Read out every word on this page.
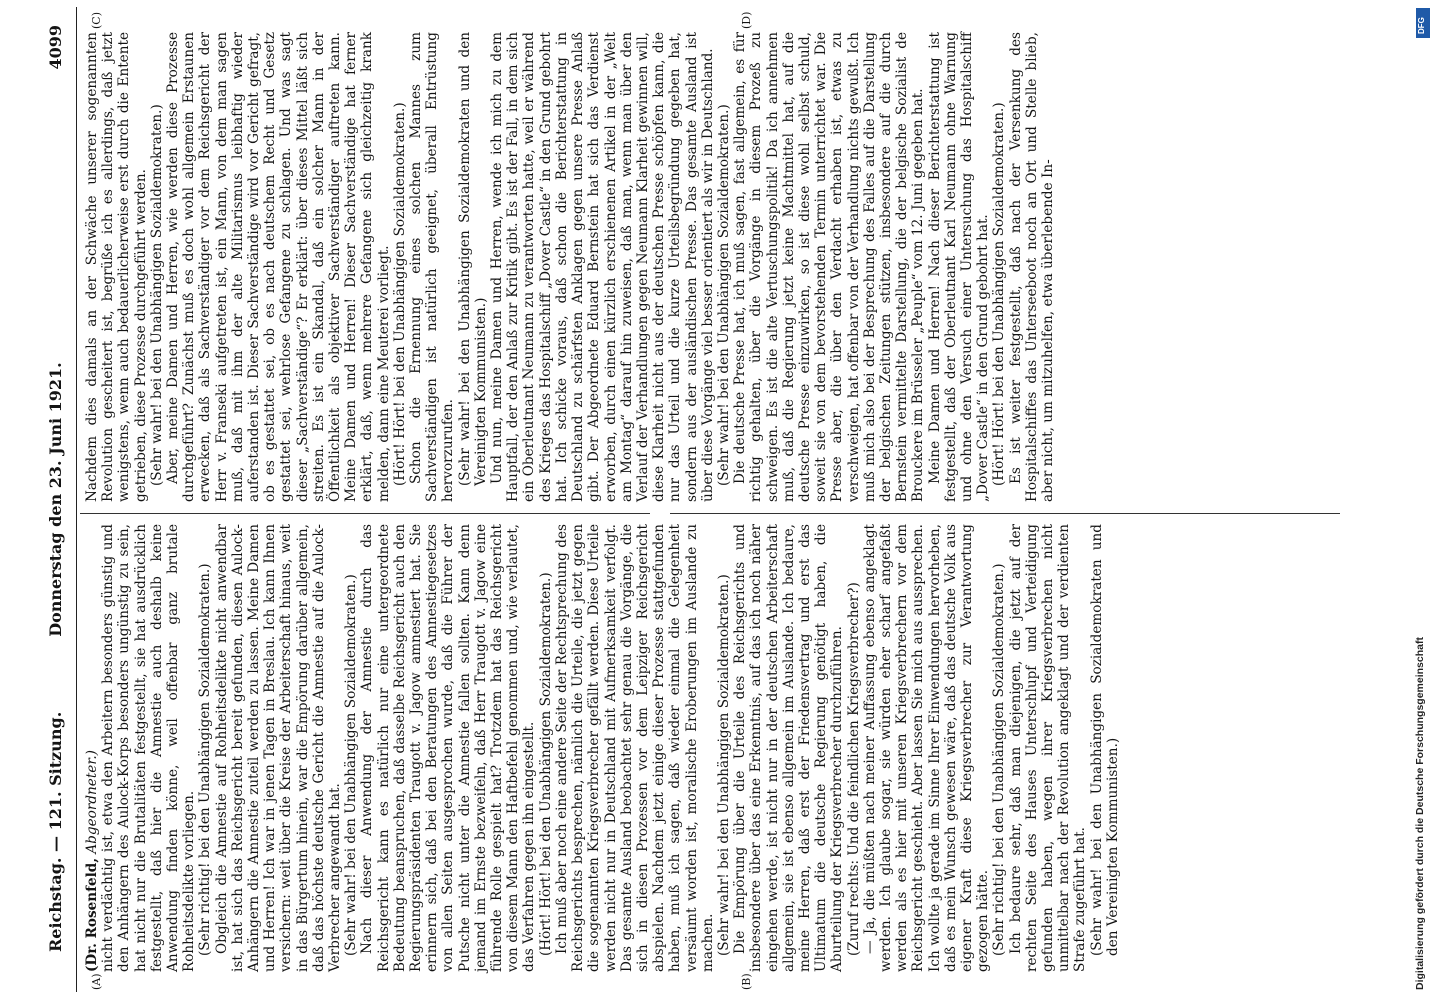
Reichstag. — 121. Sitzung.
Donnerstag den 23. Juni 1921.
4099
(A)	(B)
(C)	(D)

(Dr. Rosenfeld, Abgeordneter.) nicht verdächtig ist, etwa den Arbeitern besonders günstig und den Anhängern des Aulock-Korps besonders ungünstig zu sein, hat nicht nur die Brutalitäten festgestellt, sie hat ausdrücklich festgestellt, daß hier die Amnestie auch deshalb keine Anwendung finden könne, weil offenbar ganz brutale Rohheitsdelikte vorliegen. (Sehr richtig! bei den Unabhängigen Sozialdemokraten.) Obgleich die Amnestie auf Rohheitsdelikte nicht anwendbar ist, hat sich das Reichsgericht bereit gefunden, diesen Aulock-Anhängern die Amnestie zuteil werden zu lassen. Meine Damen und Herren! Ich war in jenen Tagen in Breslau. Ich kann Ihnen versichern: weit über die Kreise der Arbeiterschaft hinaus, weit in das Bürgertum hinein, war die Empörung darüber allgemein, daß das höchste deutsche Gericht die Amnestie auf die Aulock-Verbrecher angewandt hat. (Sehr wahr! bei den Unabhängigen Sozialdemokraten.) Nach dieser Anwendung der Amnestie durch das Reichsgericht kann es natürlich nur eine untergeordnete Bedeutung beanspruchen, daß dasselbe Reichsgericht auch den Regierungspräsidenten Traugott v. Jagow amnestiert hat. Sie erinnern sich, daß bei den Beratungen des Amnestiegesetzes von allen Seiten ausgesprochen wurde, daß die Führer der Putsche nicht unter die Amnestie fallen sollten. Kann denn jemand im Ernste bezweifeln, daß Herr Traugott v. Jagow eine führende Rolle gespielt hat? Trotzdem hat das Reichsgericht von diesem Mann den Haftbefehl genommen und, wie verlautet, das Verfahren gegen ihn eingestellt. (Hört! Hört! bei den Unabhängigen Sozialdemokraten.) Ich muß aber noch eine andere Seite der Rechtsprechung des Reichsgerichts besprechen, nämlich die Urteile, die jetzt gegen die sogenannten Kriegsverbrecher gefällt werden. Diese Urteile werden nicht nur in Deutschland mit Aufmerksamkeit verfolgt. Das gesamte Ausland beobachtet sehr genau die Vorgänge, die sich in diesen Prozessen vor dem Leipziger Reichsgericht abspielen. Nachdem jetzt einige dieser Prozesse stattgefunden haben, muß ich sagen, daß wieder einmal die Gelegenheit versäumt worden ist, moralische Eroberungen im Auslande zu machen. (Sehr wahr! bei den Unabhängigen Sozialdemokraten.) Die Empörung über die Urteile des Reichsgerichts und insbesondere über das eine Erkenntnis, auf das ich noch näher eingehen werde, ist nicht nur in der deutschen Arbeiterschaft allgemein, sie ist ebenso allgemein im Auslande. Ich bedaure, meine Herren, daß erst der Friedensvertrag und erst das Ultimatum die deutsche Regierung genötigt haben, die Aburteilung der Kriegsverbrecher durchzuführen. (Zuruf rechts: Und die feindlichen Kriegsverbrecher?) — Ja, die müßten nach meiner Auffassung ebenso angeklagt werden. Ich glaube sogar, sie würden eher scharf angefaßt werden als es hier mit unseren Kriegsverbrechern vor dem Reichsgericht geschieht. Aber lassen Sie mich aus aussprechen. Ich wollte ja gerade im Sinne Ihrer Einwendungen hervorheben, daß es mein Wunsch gewesen wäre, daß das deutsche Volk aus eigener Kraft diese Kriegsverbrecher zur Verantwortung gezogen hätte. (Sehr richtig! bei den Unabhängigen Sozialdemokraten.) Ich bedaure sehr, daß man diejenigen, die jetzt auf der rechten Seite des Hauses Unterschlupf und Verteidigung gefunden haben, wegen ihrer Kriegsverbrechen nicht unmittelbar nach der Revolution angeklagt und der verdienten Strafe zugeführt hat. (Sehr wahr! bei den Unabhängigen Sozialdemokraten und den Vereinigten Kommunisten.)

Nachdem dies damals an der Schwäche unserer sogenannten Revolution gescheitert ist, begrüße ich es allerdings, daß jetzt wenigstens, wenn auch bedauerlicherweise erst durch die Entente getrieben, diese Prozesse durchgeführt werden. (Sehr wahr! bei den Unabhängigen Sozialdemokraten.) Aber, meine Damen und Herren, wie werden diese Prozesse durchgeführt? Zunächst muß es doch wohl allgemein Erstaunen erwecken, daß als Sachverständiger vor dem Reichsgericht der Herr v. Franseki aufgetreten ist, ein Mann, von dem man sagen muß, daß mit ihm der alte Militarismus leibhaftig wieder auferstanden ist. Dieser Sachverständige wird vor Gericht gefragt, ob es gestattet sei, ob es nach deutschem Recht und Gesetz gestattet sei, wehrlose Gefangene zu schlagen. Und was sagt dieser „Sachverständige“? Er erklärt: über dieses Mittel läßt sich streiten. Es ist ein Skandal, daß ein solcher Mann in der Öffentlichkeit als objektiver Sachverständiger auftreten kann. Meine Damen und Herren! Dieser Sachverständige hat ferner erklärt, daß, wenn mehrere Gefangene sich gleichzeitig krank melden, dann eine Meuterei vorliegt. (Hört! Hört! bei den Unabhängigen Sozialdemokraten.) Schon die Ernennung eines solchen Mannes zum Sachverständigen ist natürlich geeignet, überall Entrüstung hervorzurufen. (Sehr wahr! bei den Unabhängigen Sozialdemokraten und den Vereinigten Kommunisten.) Und nun, meine Damen und Herren, wende ich mich zu dem Hauptfall, der den Anlaß zur Kritik gibt. Es ist der Fall, in dem sich ein Oberleutnant Neumann zu verantworten hatte, weil er während des Krieges das Hospitalschiff „Dover Castle“ in den Grund gebohrt hat. Ich schicke voraus, daß schon die Berichterstattung in Deutschland zu schärfsten Anklagen gegen unsere Presse Anlaß gibt. Der Abgeordnete Eduard Bernstein hat sich das Verdienst erworben, durch einen kürzlich erschienenen Artikel in der „Welt am Montag“ darauf hin zuweisen, daß man, wenn man über den Verlauf der Verhandlungen gegen Neumann Klarheit gewinnen will, diese Klarheit nicht aus der deutschen Presse schöpfen kann, die nur das Urteil und die kurze Urteilsbegründung gegeben hat, sondern aus der ausländischen Presse. Das gesamte Ausland ist über diese Vorgänge viel besser orientiert als wir in Deutschland. (Sehr wahr! bei den Unabhängigen Sozialdemokraten.) Die deutsche Presse hat, ich muß sagen, fast allgemein, es für richtig gehalten, über die Vorgänge in diesem Prozeß zu schweigen. Es ist die alte Vertuschungspolitik! Da ich annehmen muß, daß die Regierung jetzt keine Machtmittel hat, auf die deutsche Presse einzuwirken, so ist diese wohl selbst schuld, soweit sie von dem bevorstehenden Termin unterrichtet war. Die Presse aber, die über den Verdacht erhaben ist, etwas zu verschweigen, hat offenbar von der Verhandlung nichts gewußt. Ich muß mich also bei der Besprechung des Falles auf die Darstellung der belgischen Zeitungen stützen, insbesondere auf die durch Bernstein vermittelte Darstellung, die der belgische Sozialist de Brouckere im Brüsseler „Peuple“ vom 12. Juni gegeben hat. Meine Damen und Herren! Nach dieser Berichterstattung ist festgestellt, daß der Oberleutnant Karl Neumann ohne Warnung und ohne den Versuch einer Untersuchung das Hospitalschiff „Dover Castle“ in den Grund gebohrt hat. (Hört! Hört! bei den Unabhängigen Sozialdemokraten.) Es ist weiter festgestellt, daß nach der Versenkung des Hospitalschiffes das Unterseeboot noch an Ort und Stelle blieb, aber nicht, um mitzuhelfen, etwa überlebende In-

Digitalisierung gefördert durch die Deutsche Forschungsgemeinschaft
DFG
